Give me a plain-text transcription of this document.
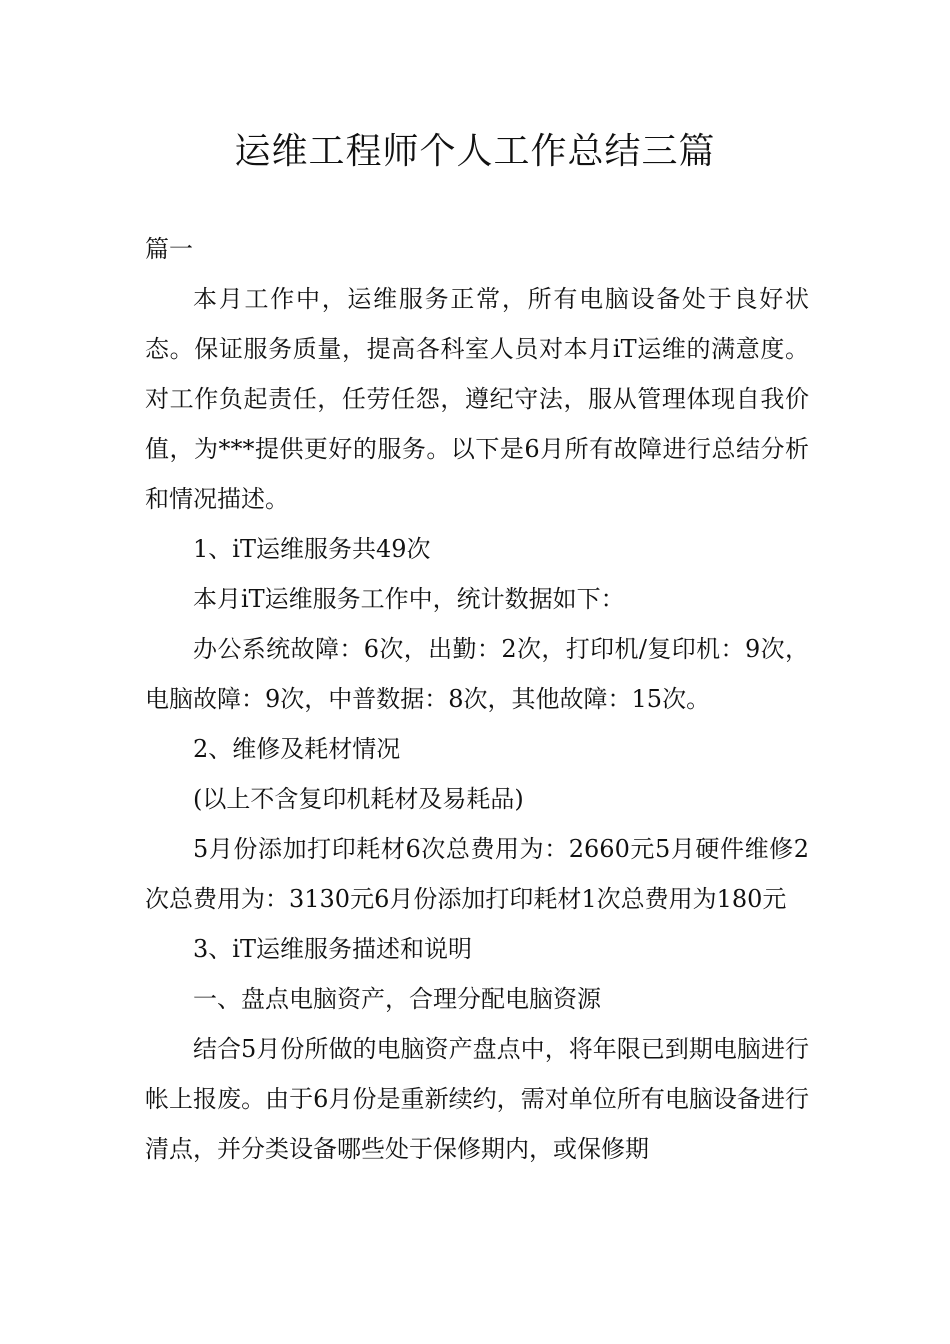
运维工程师个人工作总结三篇

篇一

本月工作中，运维服务正常，所有电脑设备处于良好状态。保证服务质量，提高各科室人员对本月iT运维的满意度。对工作负起责任，任劳任怨，遵纪守法，服从管理体现自我价值，为***提供更好的服务。以下是6月所有故障进行总结分析和情况描述。

1、iT运维服务共49次

本月iT运维服务工作中，统计数据如下：

办公系统故障：6次，出勤：2次，打印机/复印机：9次，电脑故障：9次，中普数据：8次，其他故障：15次。

2、维修及耗材情况

(以上不含复印机耗材及易耗品)

5月份添加打印耗材6次总费用为：2660元5月硬件维修2次总费用为：3130元6月份添加打印耗材1次总费用为180元

3、iT运维服务描述和说明

一、盘点电脑资产，合理分配电脑资源

结合5月份所做的电脑资产盘点中，将年限已到期电脑进行帐上报废。由于6月份是重新续约，需对单位所有电脑设备进行清点，并分类设备哪些处于保修期内，或保修期
